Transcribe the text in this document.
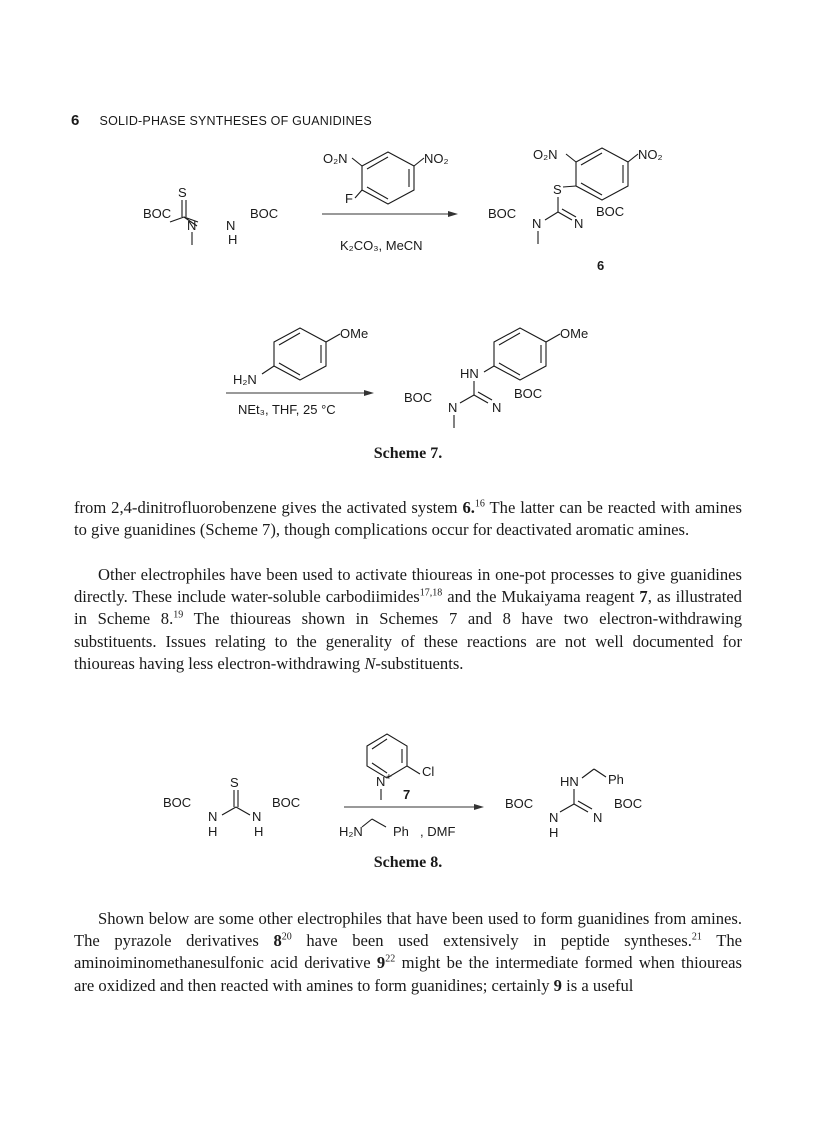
6 SOLID-PHASE SYNTHESES OF GUANIDINES
S
BOC
N N
BOC
H
O₂N	NO₂
F
K₂CO₃, MeCN
O₂N	NO₂
S
BOC
N	N
BOC
6
OMe
H₂N
NEt₃, THF, 25 °C
OMe
HN
BOC
N	N
BOC
Scheme 7.

from 2,4-dinitrofluorobenzene gives the activated system 6.16 The latter can be reacted with amines to give guanidines (Scheme 7), though complications occur for deactivated aromatic amines.

Other electrophiles have been used to activate thioureas in one-pot processes to give guanidines directly. These include water-soluble carbodiimides$^{17,18}$ and the Mukaiyama reagent 7, as illustrated in Scheme 8.19 The thioureas shown in Schemes 7 and 8 have two electron-withdrawing substituents. Issues relating to the generality of these reactions are not well documented for thioureas having less electron-withdrawing N-substituents.

S
BOC
N	N
BOC
H	H
N + Cl
7
H₂N Ph , DMF
HN Ph
BOC
N	N
BOC
H
Scheme 8.

Shown below are some other electrophiles that have been used to form guanidines from amines. The pyrazole derivatives $8^{20}$ have been used extensively in peptide syntheses.$^{21}$ The aminoiminomethanesulfonic acid derivative $9^{22}$ might be the intermediate formed when thioureas are oxidized and then reacted with amines to form guanidines; certainly 9 is a useful
